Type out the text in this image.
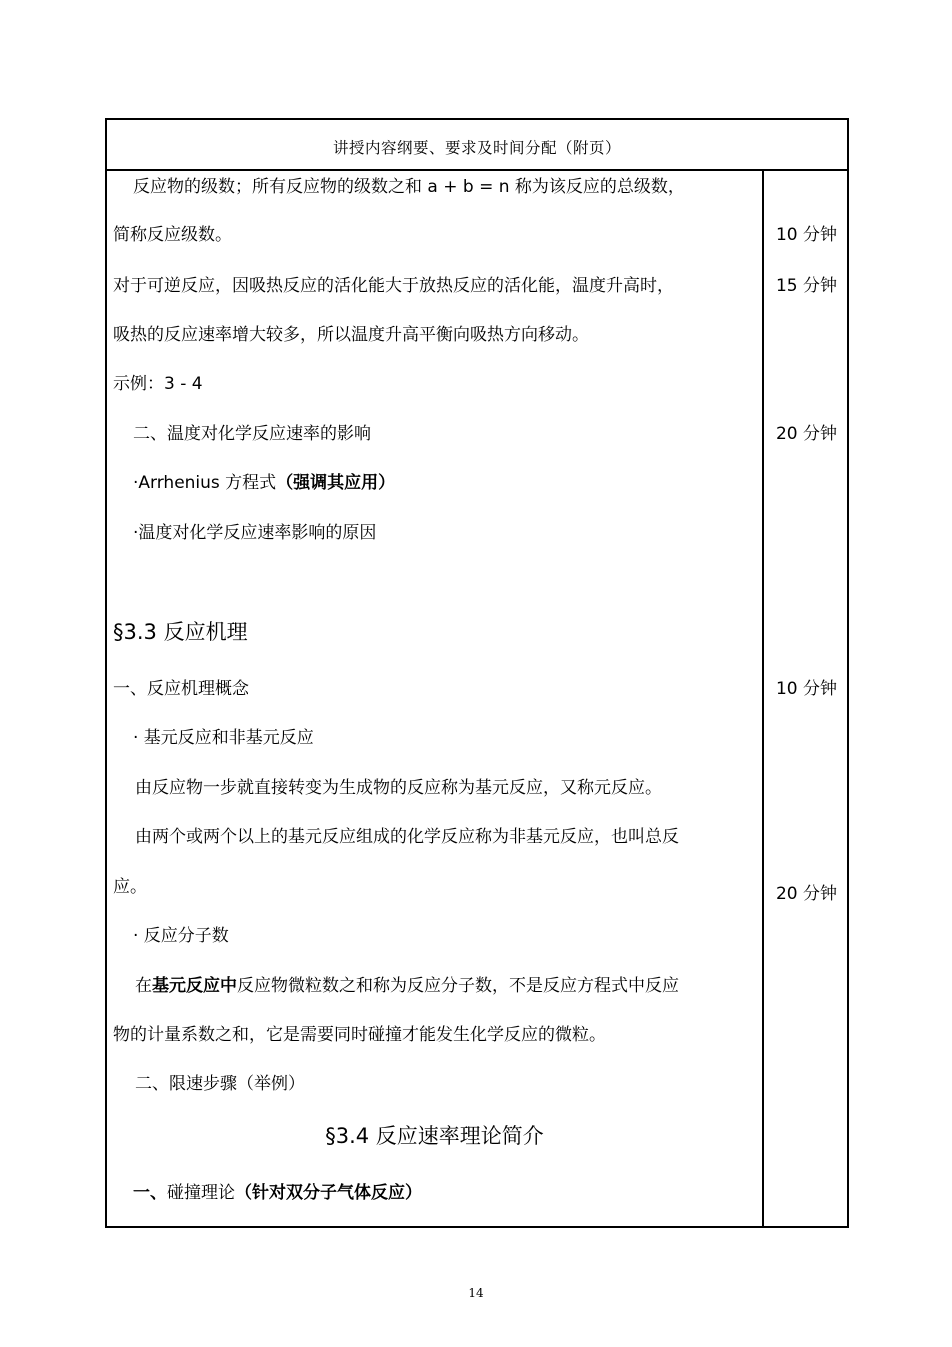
讲授内容纲要、要求及时间分配（附页）
反应物的级数；所有反应物的级数之和 a + b = n 称为该反应的总级数，
简称反应级数。
对于可逆反应，因吸热反应的活化能大于放热反应的活化能，温度升高时，
吸热的反应速率增大较多，所以温度升高平衡向吸热方向移动。
示例：3 - 4
二、温度对化学反应速率的影响
·Arrhenius 方程式（强调其应用）
·温度对化学反应速率影响的原因
§3.3 反应机理
一、反应机理概念
· 基元反应和非基元反应
由反应物一步就直接转变为生成物的反应称为基元反应，又称元反应。
由两个或两个以上的基元反应组成的化学反应称为非基元反应，也叫总反
应。
· 反应分子数
在基元反应中反应物微粒数之和称为反应分子数，不是反应方程式中反应
物的计量系数之和，它是需要同时碰撞才能发生化学反应的微粒。
二、限速步骤（举例）
§3.4 反应速率理论简介
一、碰撞理论（针对双分子气体反应）
10 分钟
15 分钟
20 分钟
10 分钟
20 分钟
14
